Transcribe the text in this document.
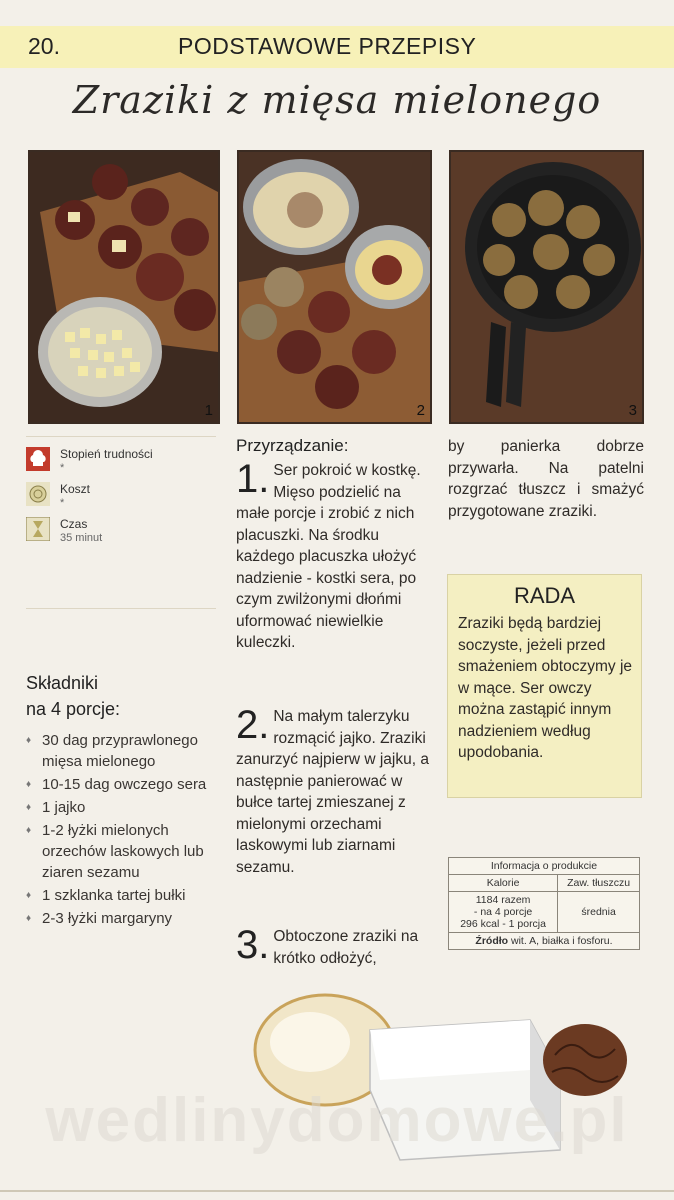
20.	PODSTAWOWE PRZEPISY
Zraziki z mięsa mielonego
1	2	3
Stopień trudności
*
Koszt
*
Czas
35 minut
Składniki
na 4 porcje:
♦ 30 dag przyprawlonego mięsa mielonego
♦ 10-15 dag owczego sera
♦ 1 jajko
♦ 1-2 łyżki mielonych orzechów laskowych lub ziaren sezamu
♦ 1 szklanka tartej bułki
♦ 2-3 łyżki margaryny
Przyrządzanie:
1. Ser pokroić w kostkę. Mięso podzielić na małe porcje i zrobić z nich placuszki. Na środku każdego placuszka ułożyć nadzienie - kostki sera, po czym zwilżonymi dłońmi uformować niewielkie kuleczki.
2. Na małym talerzyku rozmącić jajko. Zraziki zanurzyć najpierw w jajku, a następnie panierować w bułce tartej zmieszanej z mielonymi orzechami laskowymi lub ziarnami sezamu.
3. Obtoczone zraziki na krótko odłożyć,
by panierka dobrze przywarła. Na patelni rozgrzać tłuszcz i smażyć przygotowane zraziki.
RADA
Zraziki będą bardziej soczyste, jeżeli przed smażeniem obtoczymy je w mące. Ser owczy można zastąpić innym nadzieniem według upodobania.
Informacja o produkcie	
Kalorie	Zaw. tłuszczu

1184 razem
- na 4 porcje
296 kcal - 1 porcja	średnia
Źródło wit. A, białka i fosforu.	
wedlinydomowe.pl
